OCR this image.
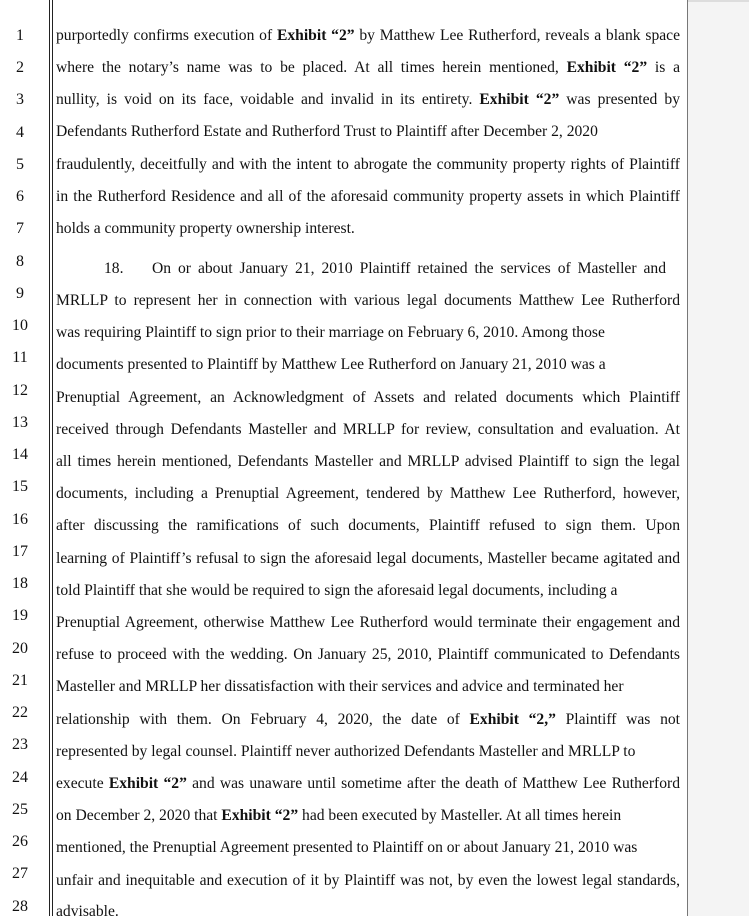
1
2
3
4
5
6
7
8
9
10
11
12
13
14
15
16
17
18
19
20
21
22
23
24
25
26
27
28
purportedly confirms execution of Exhibit “2” by Matthew Lee Rutherford, reveals a blank space
where the notary’s name was to be placed. At all times herein mentioned, Exhibit “2” is a
nullity, is void on its face, voidable and invalid in its entirety. Exhibit “2” was presented by
Defendants Rutherford Estate and Rutherford Trust to Plaintiff after December 2, 2020
fraudulently, deceitfully and with the intent to abrogate the community property rights of Plaintiff
in the Rutherford Residence and all of the aforesaid community property assets in which Plaintiff
holds a community property ownership interest.
18. On or about January 21, 2010 Plaintiff retained the services of Masteller and
MRLLP to represent her in connection with various legal documents Matthew Lee Rutherford
was requiring Plaintiff to sign prior to their marriage on February 6, 2010. Among those
documents presented to Plaintiff by Matthew Lee Rutherford on January 21, 2010 was a
Prenuptial Agreement, an Acknowledgment of Assets and related documents which Plaintiff
received through Defendants Masteller and MRLLP for review, consultation and evaluation. At
all times herein mentioned, Defendants Masteller and MRLLP advised Plaintiff to sign the legal
documents, including a Prenuptial Agreement, tendered by Matthew Lee Rutherford, however,
after discussing the ramifications of such documents, Plaintiff refused to sign them. Upon
learning of Plaintiff’s refusal to sign the aforesaid legal documents, Masteller became agitated and
told Plaintiff that she would be required to sign the aforesaid legal documents, including a
Prenuptial Agreement, otherwise Matthew Lee Rutherford would terminate their engagement and
refuse to proceed with the wedding. On January 25, 2010, Plaintiff communicated to Defendants
Masteller and MRLLP her dissatisfaction with their services and advice and terminated her
relationship with them. On February 4, 2020, the date of Exhibit “2,” Plaintiff was not
represented by legal counsel. Plaintiff never authorized Defendants Masteller and MRLLP to
execute Exhibit “2” and was unaware until sometime after the death of Matthew Lee Rutherford
on December 2, 2020 that Exhibit “2” had been executed by Masteller. At all times herein
mentioned, the Prenuptial Agreement presented to Plaintiff on or about January 21, 2010 was
unfair and inequitable and execution of it by Plaintiff was not, by even the lowest legal standards,
advisable.
